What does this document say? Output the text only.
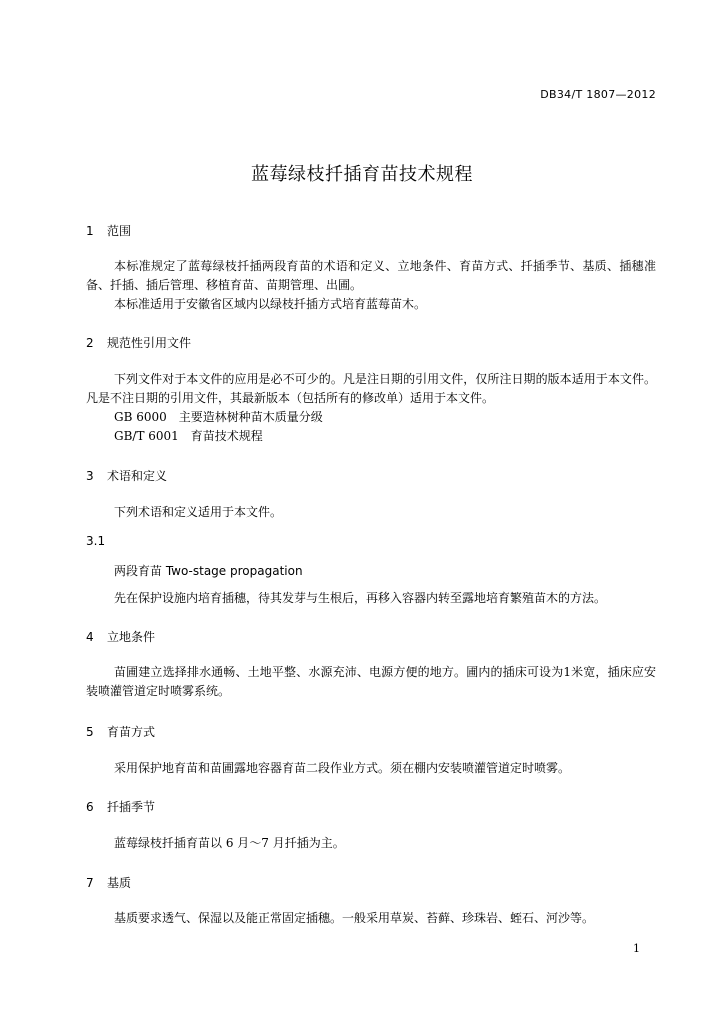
DB34/T 1807—2012
蓝莓绿枝扦插育苗技术规程
1 范围
本标准规定了蓝莓绿枝扦插两段育苗的术语和定义、立地条件、育苗方式、扦插季节、基质、插穗准备、扦插、插后管理、移植育苗、苗期管理、出圃。
本标准适用于安徽省区域内以绿枝扦插方式培育蓝莓苗木。
2 规范性引用文件
下列文件对于本文件的应用是必不可少的。凡是注日期的引用文件，仅所注日期的版本适用于本文件。凡是不注日期的引用文件，其最新版本（包括所有的修改单）适用于本文件。
GB 6000　主要造林树种苗木质量分级
GB/T 6001　育苗技术规程
3 术语和定义
下列术语和定义适用于本文件。
3.1
两段育苗 Two-stage propagation
先在保护设施内培育插穗，待其发芽与生根后，再移入容器内转至露地培育繁殖苗木的方法。
4 立地条件
苗圃建立选择排水通畅、土地平整、水源充沛、电源方便的地方。圃内的插床可设为1米宽，插床应安装喷灌管道定时喷雾系统。
5 育苗方式
采用保护地育苗和苗圃露地容器育苗二段作业方式。须在棚内安装喷灌管道定时喷雾。
6 扦插季节
蓝莓绿枝扦插育苗以 6 月～7 月扦插为主。
7 基质
基质要求透气、保湿以及能正常固定插穗。一般采用草炭、苔藓、珍珠岩、蛭石、河沙等。
1
